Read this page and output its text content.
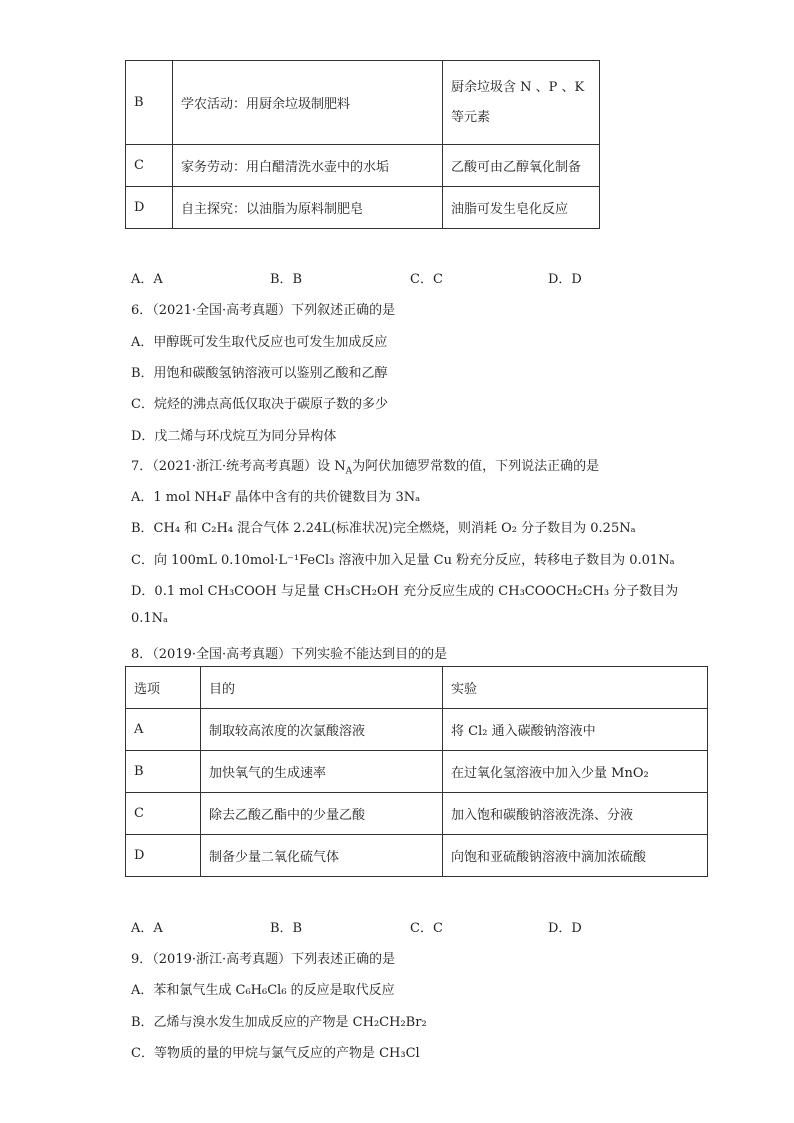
B	学农活动：用厨余垃圾制肥料	厨余垃圾含 N 、P 、K
等元素

C	家务劳动：用白醋清洗水壶中的水垢	乙酸可由乙醇氧化制备
D	自主探究：以油脂为原料制肥皂	油脂可发生皂化反应
A．A	B．B	C．C	D．D
6．（2021·全国·高考真题）下列叙述正确的是
A．甲醇既可发生取代反应也可发生加成反应
B．用饱和碳酸氢钠溶液可以鉴别乙酸和乙醇
C．烷烃的沸点高低仅取决于碳原子数的多少
D．戊二烯与环戊烷互为同分异构体
7．（2021·浙江·统考高考真题）设 $N_A$为阿伏加德罗常数的值，下列说法正确的是
A．1 mol NH₄F 晶体中含有的共价键数目为 3Nₐ
B．CH₄ 和 C₂H₄ 混合气体 2.24L(标准状况)完全燃烧，则消耗 O₂ 分子数目为 0.25Nₐ
C．向 100mL 0.10mol·L⁻¹FeCl₃ 溶液中加入足量 Cu 粉充分反应，转移电子数目为 0.01Nₐ
D．0.1 mol CH₃COOH 与足量 CH₃CH₂OH 充分反应生成的 CH₃COOCH₂CH₃ 分子数目为
0.1Nₐ
8．（2019·全国·高考真题）下列实验不能达到目的的是
选项	目的	实验
A	制取较高浓度的次氯酸溶液	将 Cl₂ 通入碳酸钠溶液中
B	加快氧气的生成速率	在过氧化氢溶液中加入少量 MnO₂
C	除去乙酸乙酯中的少量乙酸	加入饱和碳酸钠溶液洗涤、分液
D	制备少量二氧化硫气体	向饱和亚硫酸钠溶液中滴加浓硫酸
A．A	B．B	C．C	D．D
9．（2019·浙江·高考真题）下列表述正确的是
A．苯和氯气生成 C₆H₆Cl₆ 的反应是取代反应
B．乙烯与溴水发生加成反应的产物是 CH₂CH₂Br₂
C．等物质的量的甲烷与氯气反应的产物是 CH₃Cl
